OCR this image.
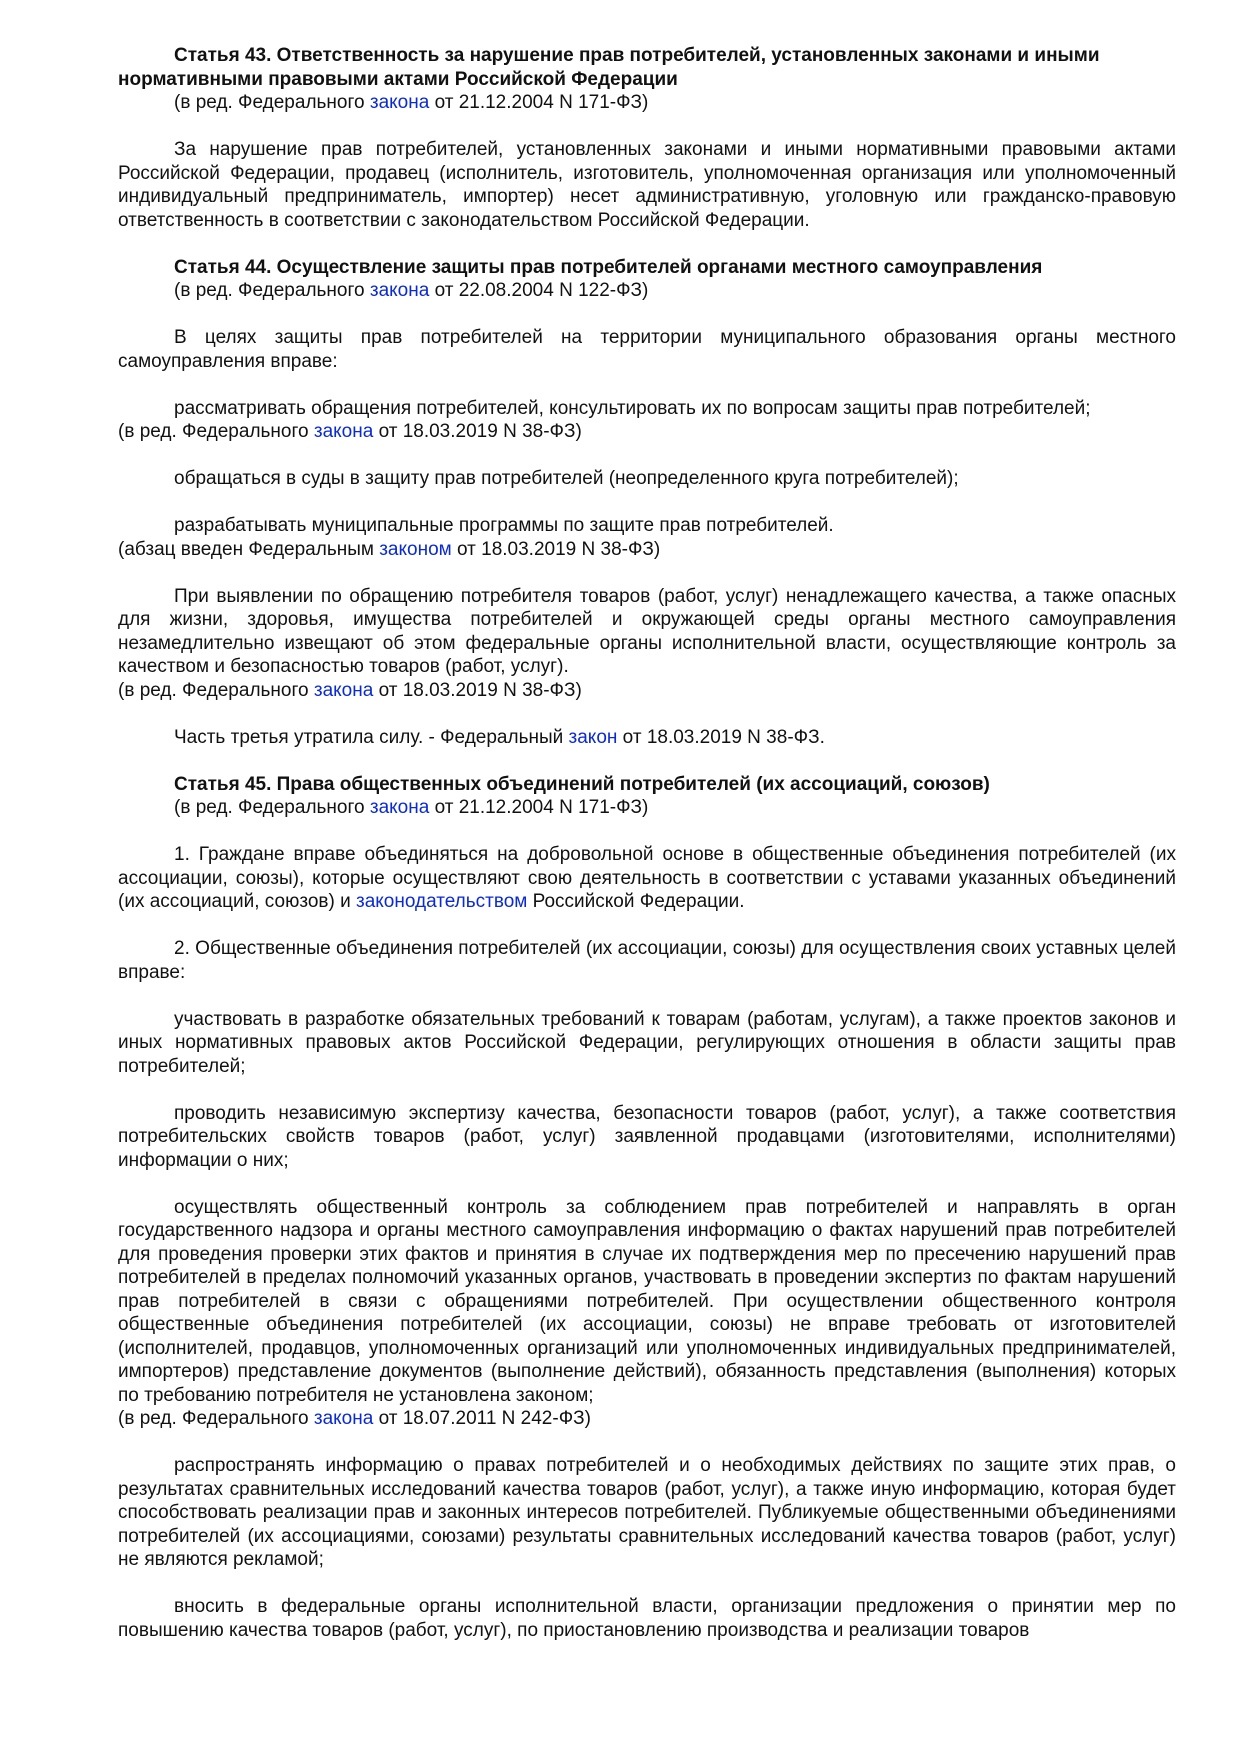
Статья 43. Ответственность за нарушение прав потребителей, установленных законами и иными нормативными правовыми актами Российской Федерации
(в ред. Федерального закона от 21.12.2004 N 171-ФЗ)
За нарушение прав потребителей, установленных законами и иными нормативными правовыми актами Российской Федерации, продавец (исполнитель, изготовитель, уполномоченная организация или уполномоченный индивидуальный предприниматель, импортер) несет административную, уголовную или гражданско-правовую ответственность в соответствии с законодательством Российской Федерации.
Статья 44. Осуществление защиты прав потребителей органами местного самоуправления
(в ред. Федерального закона от 22.08.2004 N 122-ФЗ)
В целях защиты прав потребителей на территории муниципального образования органы местного самоуправления вправе:
рассматривать обращения потребителей, консультировать их по вопросам защиты прав потребителей;
(в ред. Федерального закона от 18.03.2019 N 38-ФЗ)
обращаться в суды в защиту прав потребителей (неопределенного круга потребителей);
разрабатывать муниципальные программы по защите прав потребителей.
(абзац введен Федеральным законом от 18.03.2019 N 38-ФЗ)
При выявлении по обращению потребителя товаров (работ, услуг) ненадлежащего качества, а также опасных для жизни, здоровья, имущества потребителей и окружающей среды органы местного самоуправления незамедлительно извещают об этом федеральные органы исполнительной власти, осуществляющие контроль за качеством и безопасностью товаров (работ, услуг).
(в ред. Федерального закона от 18.03.2019 N 38-ФЗ)
Часть третья утратила силу. - Федеральный закон от 18.03.2019 N 38-ФЗ.
Статья 45. Права общественных объединений потребителей (их ассоциаций, союзов)
(в ред. Федерального закона от 21.12.2004 N 171-ФЗ)
1. Граждане вправе объединяться на добровольной основе в общественные объединения потребителей (их ассоциации, союзы), которые осуществляют свою деятельность в соответствии с уставами указанных объединений (их ассоциаций, союзов) и законодательством Российской Федерации.
2. Общественные объединения потребителей (их ассоциации, союзы) для осуществления своих уставных целей вправе:
участвовать в разработке обязательных требований к товарам (работам, услугам), а также проектов законов и иных нормативных правовых актов Российской Федерации, регулирующих отношения в области защиты прав потребителей;
проводить независимую экспертизу качества, безопасности товаров (работ, услуг), а также соответствия потребительских свойств товаров (работ, услуг) заявленной продавцами (изготовителями, исполнителями) информации о них;
осуществлять общественный контроль за соблюдением прав потребителей и направлять в орган государственного надзора и органы местного самоуправления информацию о фактах нарушений прав потребителей для проведения проверки этих фактов и принятия в случае их подтверждения мер по пресечению нарушений прав потребителей в пределах полномочий указанных органов, участвовать в проведении экспертиз по фактам нарушений прав потребителей в связи с обращениями потребителей. При осуществлении общественного контроля общественные объединения потребителей (их ассоциации, союзы) не вправе требовать от изготовителей (исполнителей, продавцов, уполномоченных организаций или уполномоченных индивидуальных предпринимателей, импортеров) представление документов (выполнение действий), обязанность представления (выполнения) которых по требованию потребителя не установлена законом;
(в ред. Федерального закона от 18.07.2011 N 242-ФЗ)
распространять информацию о правах потребителей и о необходимых действиях по защите этих прав, о результатах сравнительных исследований качества товаров (работ, услуг), а также иную информацию, которая будет способствовать реализации прав и законных интересов потребителей. Публикуемые общественными объединениями потребителей (их ассоциациями, союзами) результаты сравнительных исследований качества товаров (работ, услуг) не являются рекламой;
вносить в федеральные органы исполнительной власти, организации предложения о принятии мер по повышению качества товаров (работ, услуг), по приостановлению производства и реализации товаров
